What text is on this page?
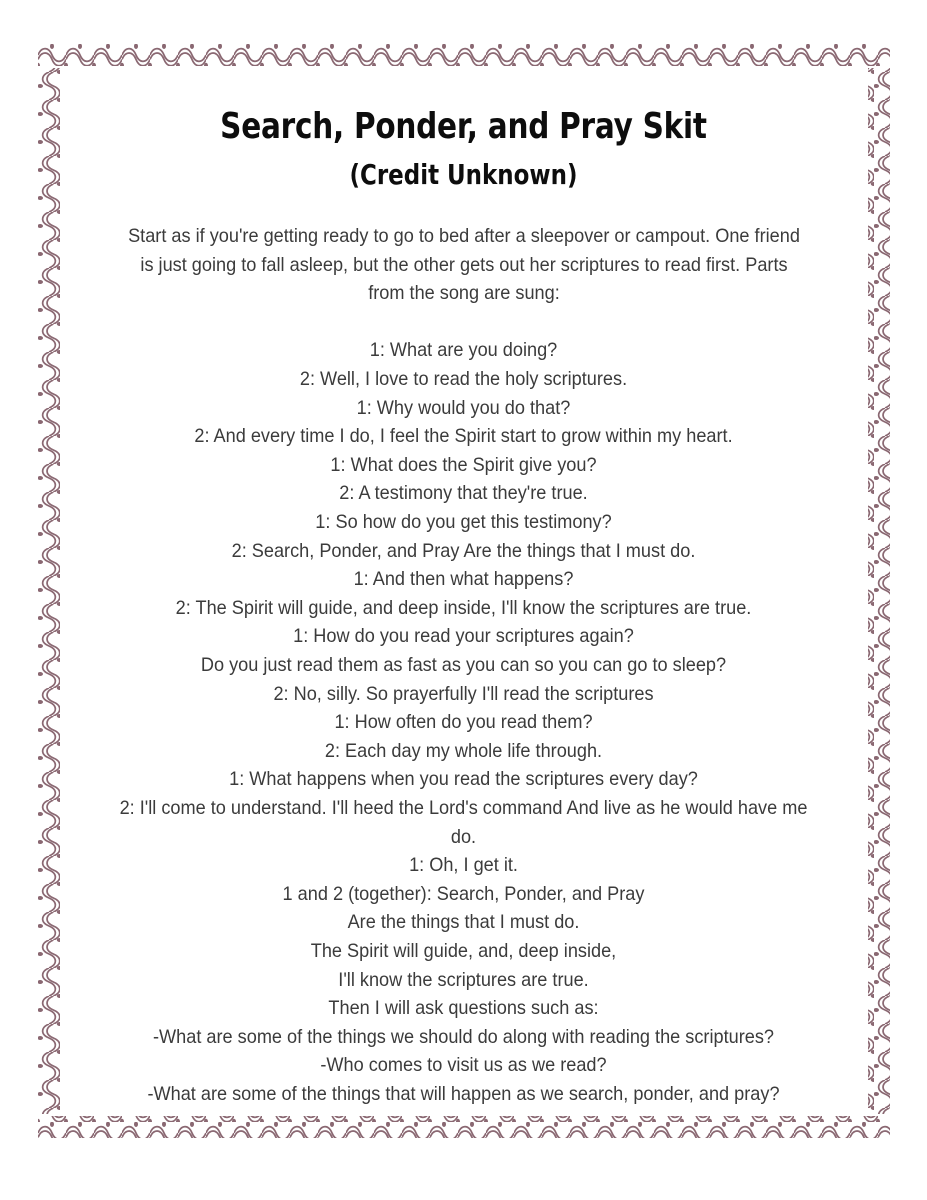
Search, Ponder, and Pray Skit
(Credit Unknown)

Start as if you're getting ready to go to bed after a sleepover or campout. One friend is just going to fall asleep, but the other gets out her scriptures to read first. Parts from the song are sung:

1: What are you doing?
2: Well, I love to read the holy scriptures.
1: Why would you do that?
2: And every time I do, I feel the Spirit start to grow within my heart.
1: What does the Spirit give you?
2: A testimony that they're true.
1: So how do you get this testimony?
2: Search, Ponder, and Pray Are the things that I must do.
1: And then what happens?
2: The Spirit will guide, and deep inside, I'll know the scriptures are true.
1: How do you read your scriptures again?
Do you just read them as fast as you can so you can go to sleep?
2: No, silly. So prayerfully I'll read the scriptures
1: How often do you read them?
2: Each day my whole life through.
1: What happens when you read the scriptures every day?
2: I'll come to understand. I'll heed the Lord's command And live as he would have me do.
1: Oh, I get it.
1 and 2 (together): Search, Ponder, and Pray
Are the things that I must do.
The Spirit will guide, and, deep inside,
I'll know the scriptures are true.
Then I will ask questions such as:
-What are some of the things we should do along with reading the scriptures?
-Who comes to visit us as we read?
-What are some of the things that will happen as we search, ponder, and pray?
